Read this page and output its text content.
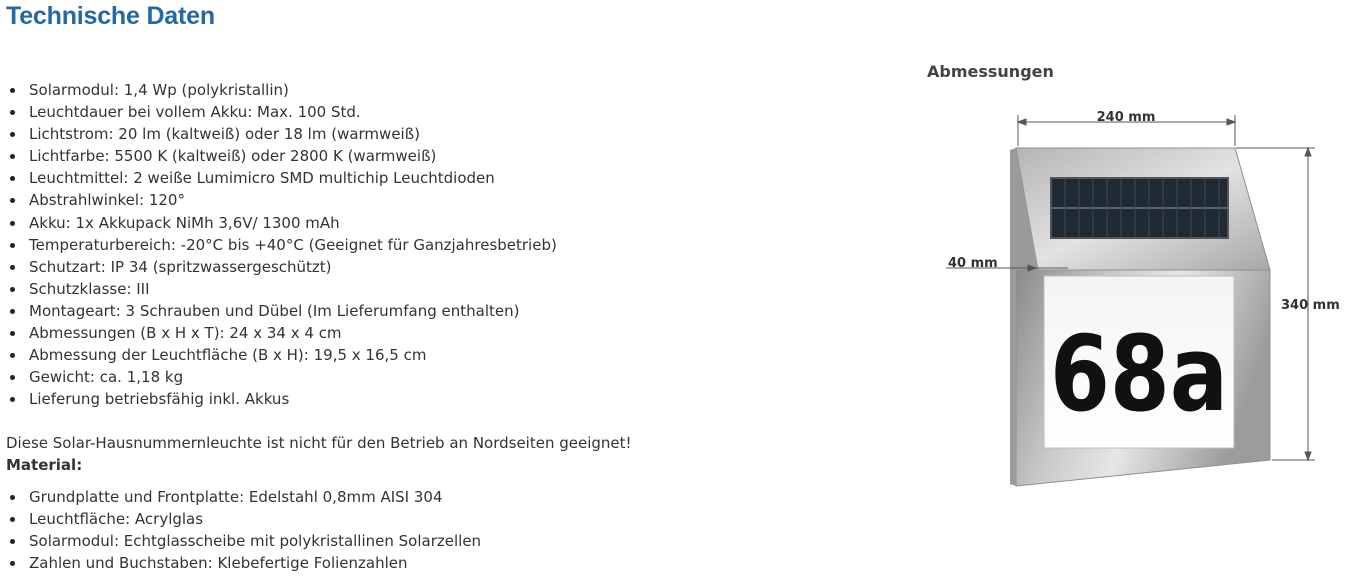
Technische Daten
Solarmodul: 1,4 Wp (polykristallin)
Leuchtdauer bei vollem Akku: Max. 100 Std.
Lichtstrom: 20 lm (kaltweiß) oder 18 lm (warmweiß)
Lichtfarbe: 5500 K (kaltweiß) oder 2800 K (warmweiß)
Leuchtmittel: 2 weiße Lumimicro SMD multichip Leuchtdioden
Abstrahlwinkel: 120°
Akku: 1x Akkupack NiMh 3,6V/ 1300 mAh
Temperaturbereich: -20°C bis +40°C (Geeignet für Ganzjahresbetrieb)
Schutzart: IP 34 (spritzwassergeschützt)
Schutzklasse: III
Montageart: 3 Schrauben und Dübel (Im Lieferumfang enthalten)
Abmessungen (B x H x T): 24 x 34 x 4 cm
Abmessung der Leuchtfläche (B x H): 19,5 x 16,5 cm
Gewicht: ca. 1,18 kg
Lieferung betriebsfähig inkl. Akkus
Diese Solar-Hausnummernleuchte ist nicht für den Betrieb an Nordseiten geeignet!
Material:
Grundplatte und Frontplatte: Edelstahl 0,8mm AISI 304
Leuchtfläche: Acrylglas
Solarmodul: Echtglasscheibe mit polykristallinen Solarzellen
Zahlen und Buchstaben: Klebefertige Folienzahlen
Abmessungen
68a
240 mm
40 mm
340 mm
